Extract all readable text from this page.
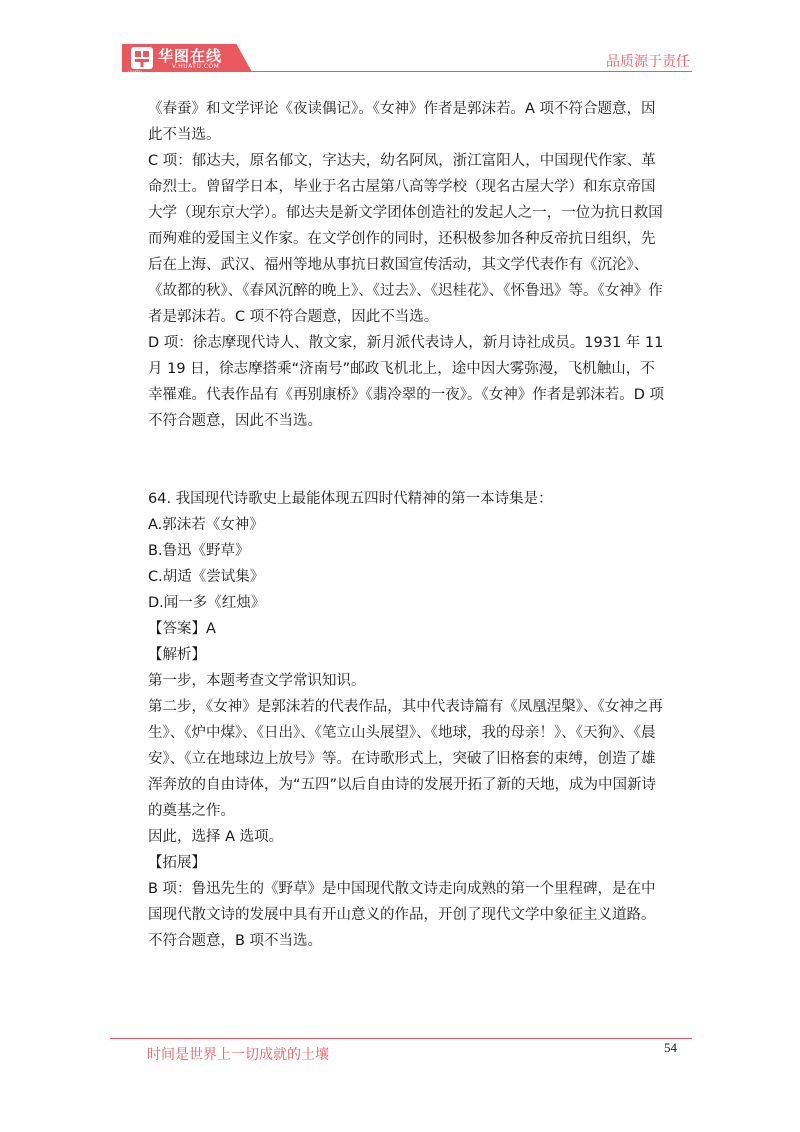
华图在线
V.HUATU.COM
HUATU
品质源于责任

《春蚕》和文学评论《夜读偶记》。《女神》作者是郭沫若。A 项不符合题意，因此不当选。

C 项：郁达夫，原名郁文，字达夫，幼名阿凤，浙江富阳人，中国现代作家、革命烈士。曾留学日本，毕业于名古屋第八高等学校（现名古屋大学）和东京帝国大学（现东京大学）。郁达夫是新文学团体创造社的发起人之一，一位为抗日救国而殉难的爱国主义作家。在文学创作的同时，还积极参加各种反帝抗日组织，先后在上海、武汉、福州等地从事抗日救国宣传活动，其文学代表作有《沉沦》、《故都的秋》、《春风沉醉的晚上》、《过去》、《迟桂花》、《怀鲁迅》等。《女神》作者是郭沫若。C 项不符合题意，因此不当选。

D 项：徐志摩现代诗人、散文家，新月派代表诗人，新月诗社成员。1931 年 11 月 19 日，徐志摩搭乘“济南号”邮政飞机北上，途中因大雾弥漫，飞机触山，不幸罹难。代表作品有《再别康桥》《翡冷翠的一夜》。《女神》作者是郭沫若。D 项不符合题意，因此不当选。

64. 我国现代诗歌史上最能体现五四时代精神的第一本诗集是：

A.郭沫若《女神》

B.鲁迅《野草》

C.胡适《尝试集》

D.闻一多《红烛》

【答案】A

【解析】

第一步，本题考查文学常识知识。

第二步，《女神》是郭沫若的代表作品，其中代表诗篇有《凤凰涅槃》、《女神之再生》、《炉中煤》、《日出》、《笔立山头展望》、《地球，我的母亲！》、《天狗》、《晨安》、《立在地球边上放号》等。在诗歌形式上，突破了旧格套的束缚，创造了雄浑奔放的自由诗体，为“五四”以后自由诗的发展开拓了新的天地，成为中国新诗的奠基之作。

因此，选择 A 选项。

【拓展】

B 项：鲁迅先生的《野草》是中国现代散文诗走向成熟的第一个里程碑，是在中国现代散文诗的发展中具有开山意义的作品，开创了现代文学中象征主义道路。不符合题意，B 项不当选。

时间是世界上一切成就的土壤	54
